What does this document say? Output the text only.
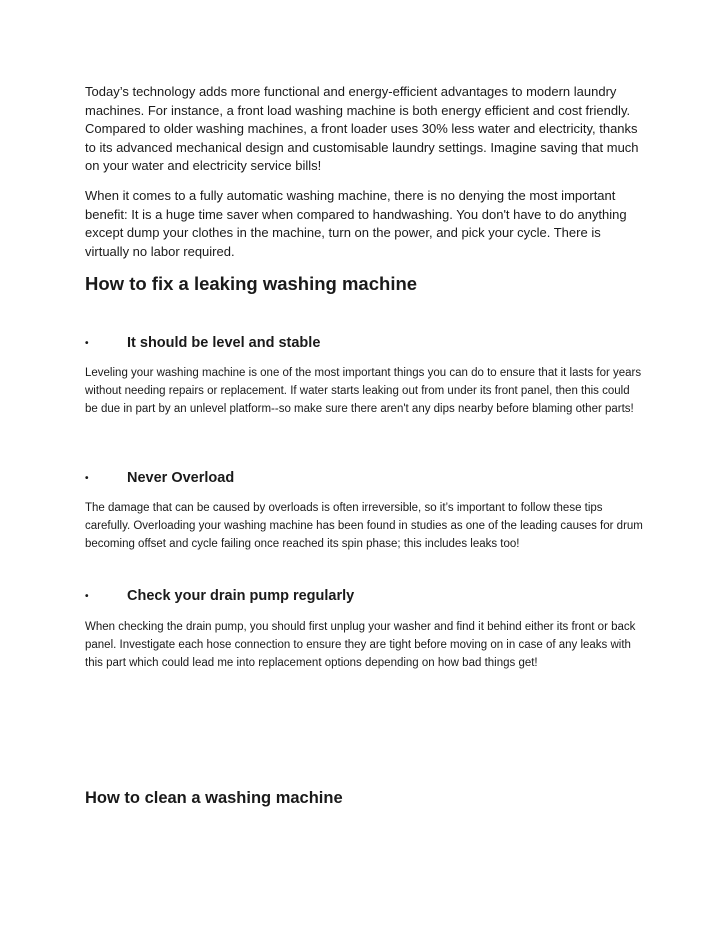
Today’s technology adds more functional and energy-efficient advantages to modern laundry machines. For instance, a front load washing machine is both energy efficient and cost friendly. Compared to older washing machines, a front loader uses 30% less water and electricity, thanks to its advanced mechanical design and customisable laundry settings. Imagine saving that much on your water and electricity service bills!

When it comes to a fully automatic washing machine, there is no denying the most important benefit: It is a huge time saver when compared to handwashing. You don't have to do anything except dump your clothes in the machine, turn on the power, and pick your cycle. There is virtually no labor required.

How to fix a leaking washing machine
•	It should be level and stable

Leveling your washing machine is one of the most important things you can do to ensure that it lasts for years without needing repairs or replacement. If water starts leaking out from under its front panel, then this could be due in part by an unlevel platform--so make sure there aren't any dips nearby before blaming other parts!

•	Never Overload

The damage that can be caused by overloads is often irreversible, so it’s important to follow these tips carefully. Overloading your washing machine has been found in studies as one of the leading causes for drum becoming offset and cycle failing once reached its spin phase; this includes leaks too!

•	Check your drain pump regularly

When checking the drain pump, you should first unplug your washer and find it behind either its front or back panel. Investigate each hose connection to ensure they are tight before moving on in case of any leaks with this part which could lead me into replacement options depending on how bad things get!

How to clean a washing machine
